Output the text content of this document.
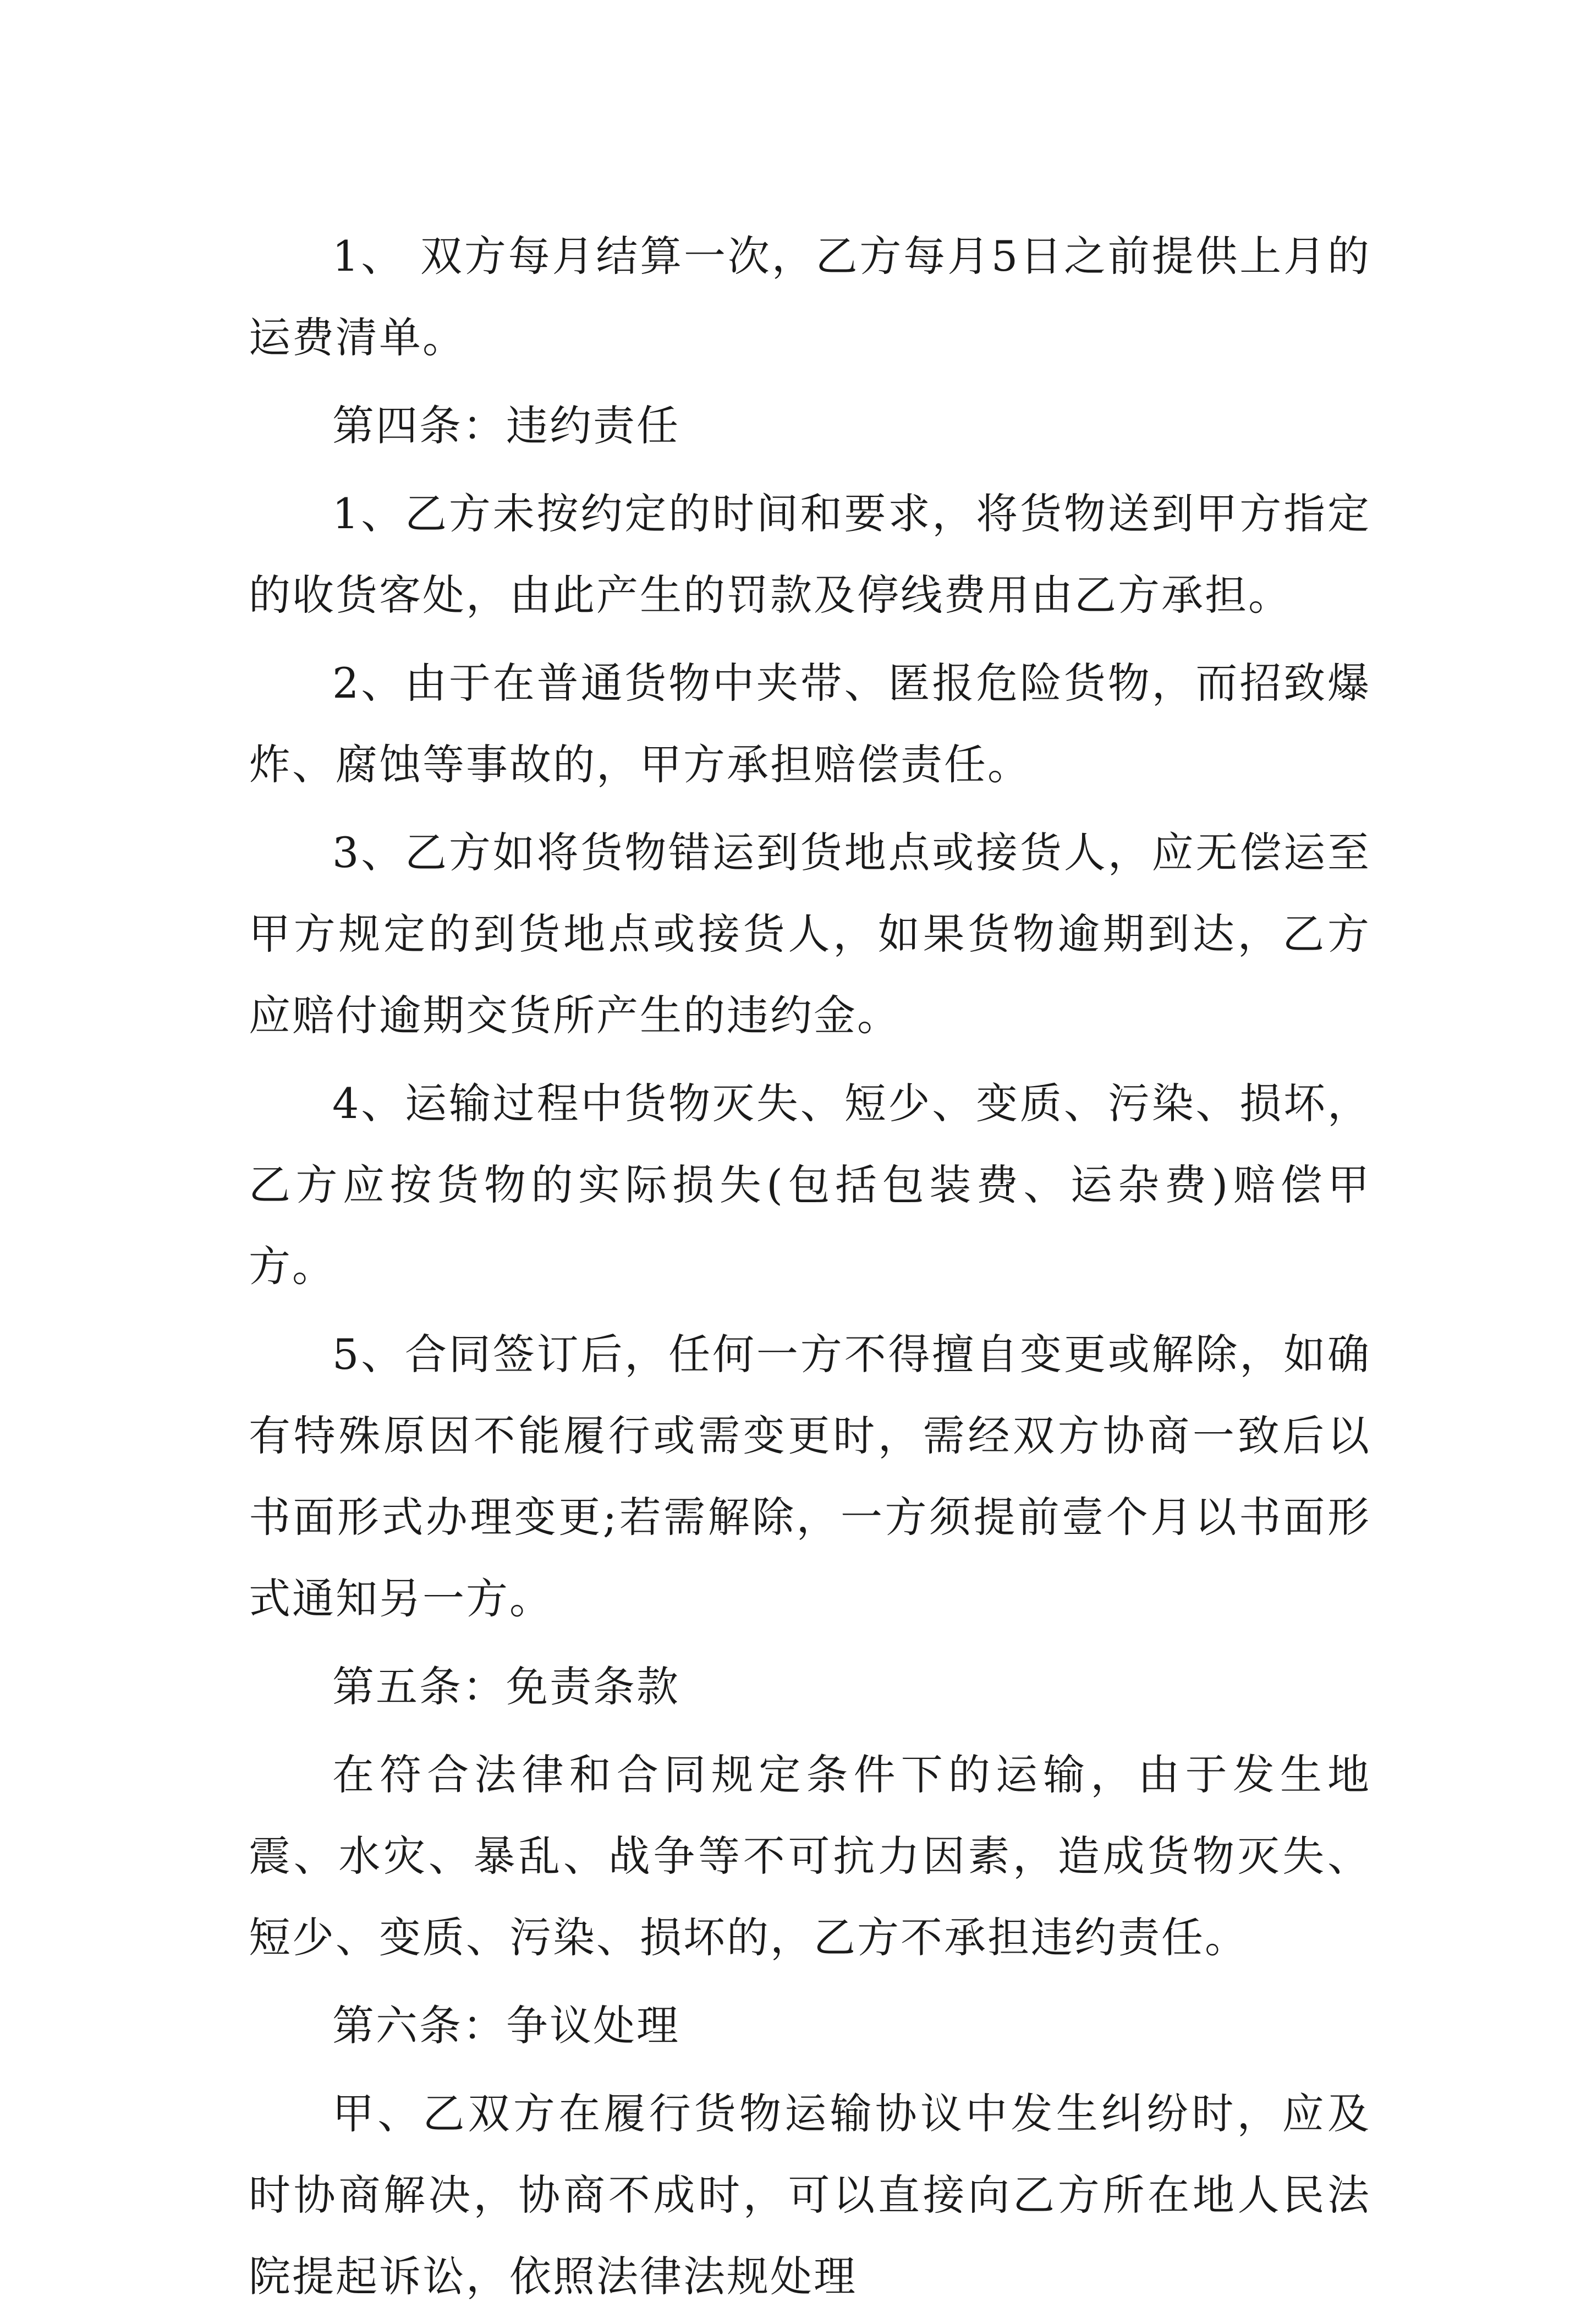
1、 双方每月结算一次，乙方每月5日之前提供上月的运费清单。

第四条：违约责任

1、乙方未按约定的时间和要求，将货物送到甲方指定的收货客处，由此产生的罚款及停线费用由乙方承担。

2、由于在普通货物中夹带、匿报危险货物，而招致爆炸、腐蚀等事故的，甲方承担赔偿责任。

3、乙方如将货物错运到货地点或接货人，应无偿运至甲方规定的到货地点或接货人，如果货物逾期到达，乙方应赔付逾期交货所产生的违约金。

4、运输过程中货物灭失、短少、变质、污染、损坏，乙方应按货物的实际损失(包括包装费、运杂费)赔偿甲方。

5、合同签订后，任何一方不得擅自变更或解除，如确有特殊原因不能履行或需变更时，需经双方协商一致后以书面形式办理变更;若需解除，一方须提前壹个月以书面形式通知另一方。

第五条：免责条款

在符合法律和合同规定条件下的运输，由于发生地震、水灾、暴乱、战争等不可抗力因素，造成货物灭失、短少、变质、污染、损坏的，乙方不承担违约责任。

第六条：争议处理

甲、乙双方在履行货物运输协议中发生纠纷时，应及时协商解决，协商不成时，可以直接向乙方所在地人民法院提起诉讼，依照法律法规处理
